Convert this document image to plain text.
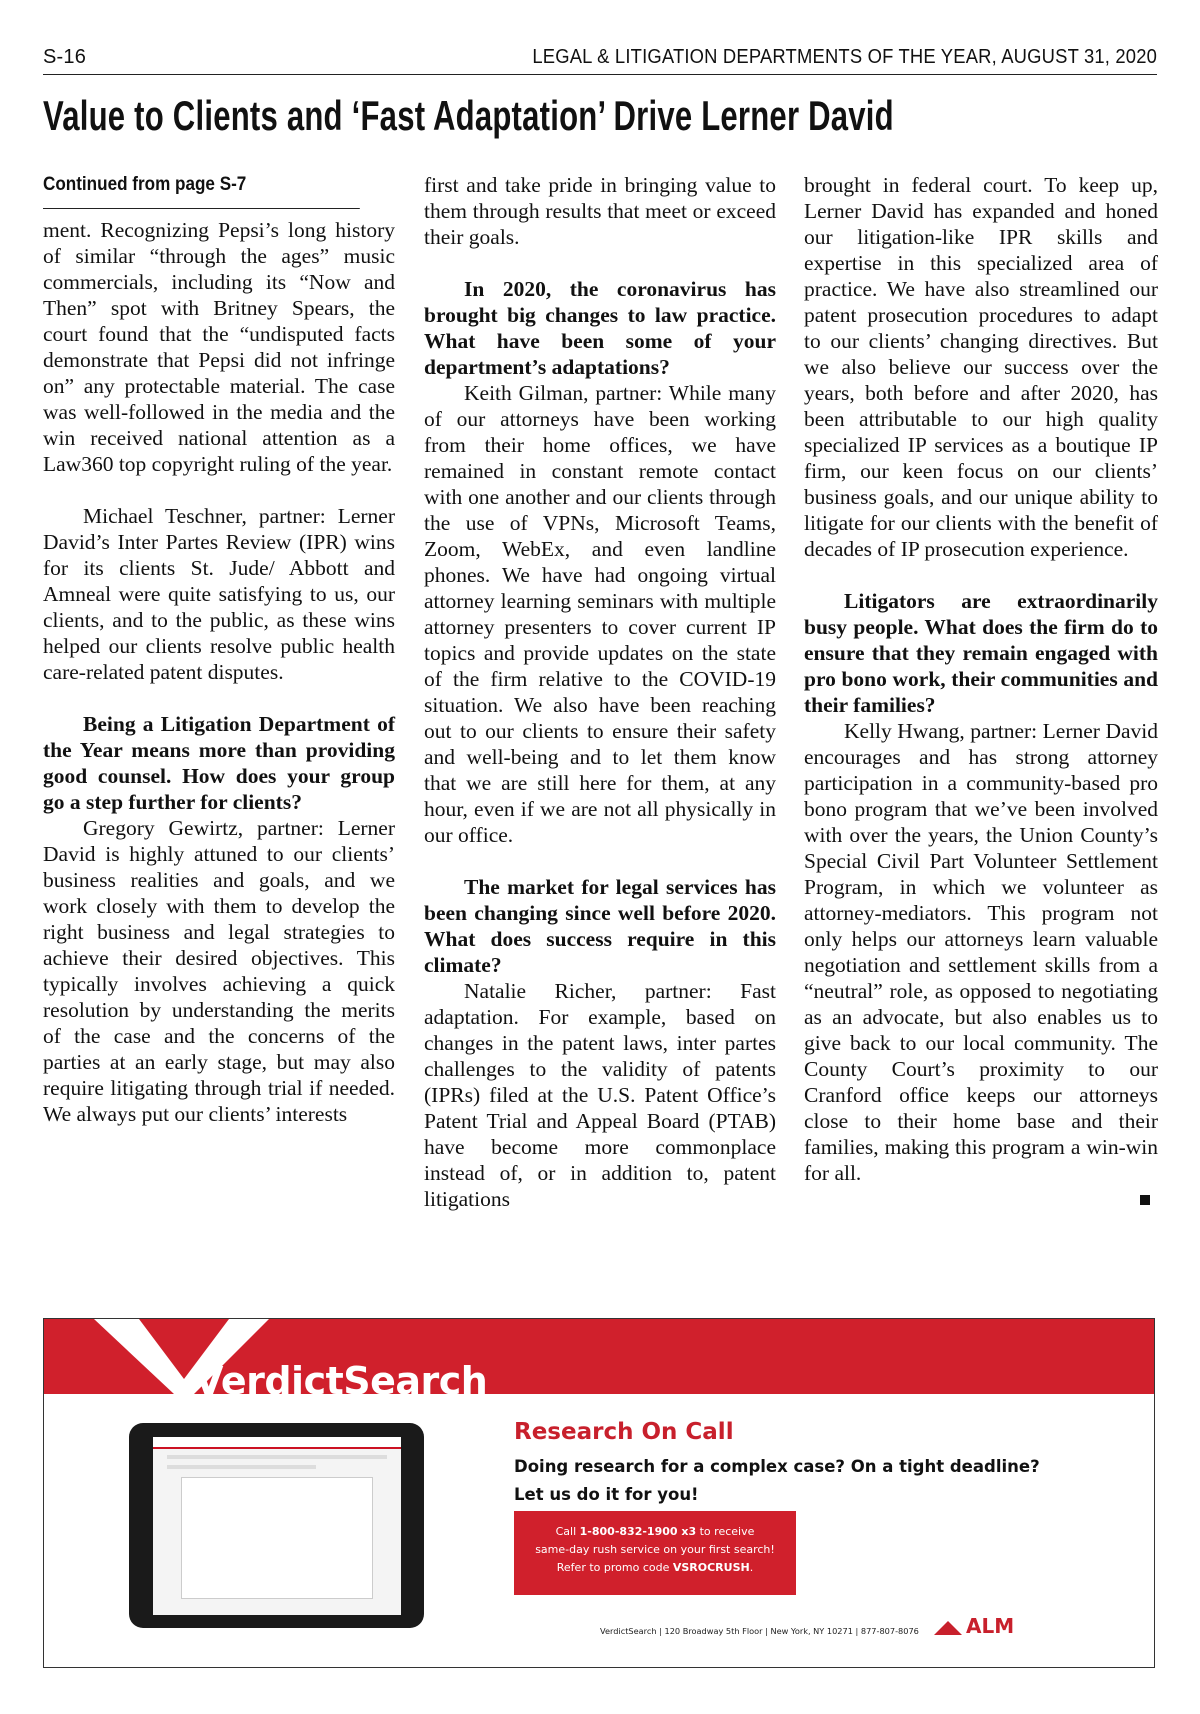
S-16	LEGAL & LITIGATION DEPARTMENTS OF THE YEAR, AUGUST 31, 2020
Value to Clients and ‘Fast Adaptation’ Drive Lerner David
Continued from page S-7

ment. Recognizing Pepsi’s long history of similar “through the ages” music commercials, including its “Now and Then” spot with Britney Spears, the court found that the “undisputed facts demonstrate that Pepsi did not infringe on” any protectable material. The case was well-followed in the media and the win received national attention as a Law360 top copyright ruling of the year.

Michael Teschner, partner: Lerner David’s Inter Partes Review (IPR) wins for its clients St. Jude/ Abbott and Amneal were quite satisfying to us, our clients, and to the public, as these wins helped our clients resolve public health care-related patent disputes.

Being a Litigation Department of the Year means more than providing good counsel. How does your group go a step further for clients?

Gregory Gewirtz, partner: Lerner David is highly attuned to our clients’ business realities and goals, and we work closely with them to develop the right business and legal strategies to achieve their desired objectives. This typically involves achieving a quick resolution by understanding the merits of the case and the concerns of the parties at an early stage, but may also require litigating through trial if needed. We always put our clients’ interests

first and take pride in bringing value to them through results that meet or exceed their goals.

In 2020, the coronavirus has brought big changes to law practice. What have been some of your department’s adaptations?

Keith Gilman, partner: While many of our attorneys have been working from their home offices, we have remained in constant remote contact with one another and our clients through the use of VPNs, Microsoft Teams, Zoom, WebEx, and even landline phones. We have had ongoing virtual attorney learning seminars with multiple attorney presenters to cover current IP topics and provide updates on the state of the firm relative to the COVID-19 situation. We also have been reaching out to our clients to ensure their safety and well-being and to let them know that we are still here for them, at any hour, even if we are not all physically in our office.

The market for legal services has been changing since well before 2020. What does success require in this climate?

Natalie Richer, partner: Fast adaptation. For example, based on changes in the patent laws, inter partes challenges to the validity of patents (IPRs) filed at the U.S. Patent Office’s Patent Trial and Appeal Board (PTAB) have become more commonplace instead of, or in addition to, patent litigations

brought in federal court. To keep up, Lerner David has expanded and honed our litigation-like IPR skills and expertise in this specialized area of practice. We have also streamlined our patent prosecution procedures to adapt to our clients’ changing directives. But we also believe our success over the years, both before and after 2020, has been attributable to our high quality specialized IP services as a boutique IP firm, our keen focus on our clients’ business goals, and our unique ability to litigate for our clients with the benefit of decades of IP prosecution experience.

Litigators are extraordinarily busy people. What does the firm do to ensure that they remain engaged with pro bono work, their communities and their families?

Kelly Hwang, partner: Lerner David encourages and has strong attorney participation in a community-based pro bono program that we’ve been involved with over the years, the Union County’s Special Civil Part Volunteer Settlement Program, in which we volunteer as attorney-mediators. This program not only helps our attorneys learn valuable negotiation and settlement skills from a “neutral” role, as opposed to negotiating as an advocate, but also enables us to give back to our local community. The County Court’s proximity to our Cranford office keeps our attorneys close to their home base and their families, making this program a win-win for all.

VerdictSearch
Research On Call
Doing research for a complex case? On a tight deadline?
Let us do it for you!
Call 1-800-832-1900 x3 to receive
same-day rush service on your first search!
Refer to promo code VSROCRUSH.
VerdictSearch | 120 Broadway 5th Floor | New York, NY 10271 | 877-807-8076	ALM
